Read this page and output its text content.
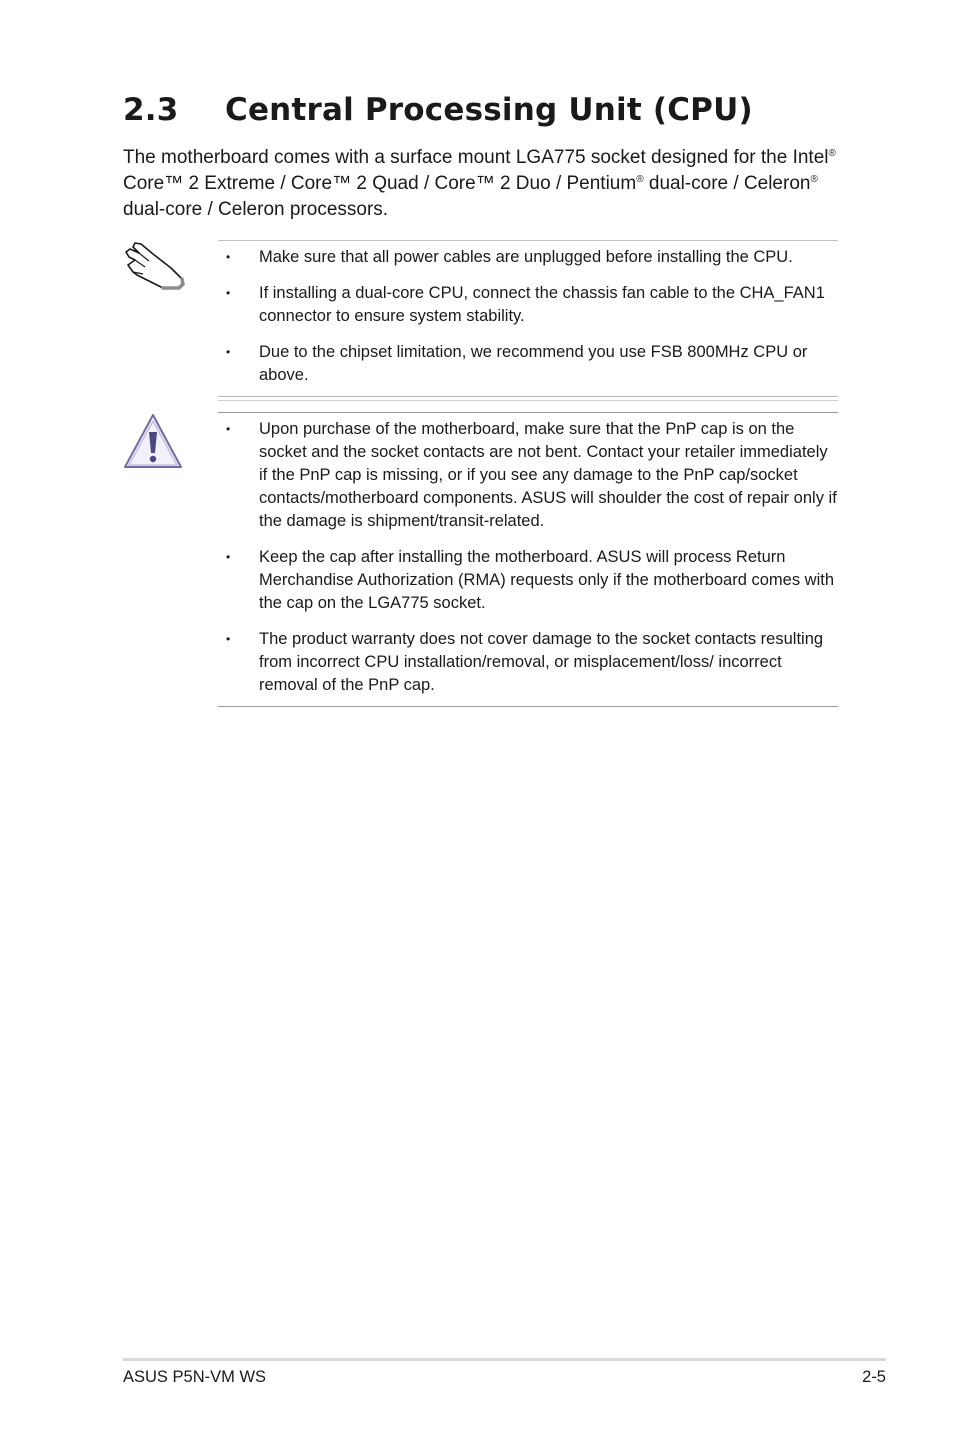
2.3 Central Processing Unit (CPU)

The motherboard comes with a surface mount LGA775 socket designed for the Intel® Core™ 2 Extreme / Core™ 2 Quad / Core™ 2 Duo / Pentium® dual-core / Celeron® dual-core / Celeron processors.

• Make sure that all power cables are unplugged before installing the CPU.
• If installing a dual-core CPU, connect the chassis fan cable to the CHA_FAN1 connector to ensure system stability.
• Due to the chipset limitation, we recommend you use FSB 800MHz CPU or above.
• Upon purchase of the motherboard, make sure that the PnP cap is on the socket and the socket contacts are not bent. Contact your retailer immediately if the PnP cap is missing, or if you see any damage to the PnP cap/socket contacts/motherboard components. ASUS will shoulder the cost of repair only if the damage is shipment/transit-related.
• Keep the cap after installing the motherboard. ASUS will process Return Merchandise Authorization (RMA) requests only if the motherboard comes with the cap on the LGA775 socket.
• The product warranty does not cover damage to the socket contacts resulting from incorrect CPU installation/removal, or misplacement/loss/ incorrect removal of the PnP cap.
ASUS P5N-VM WS	2-5
